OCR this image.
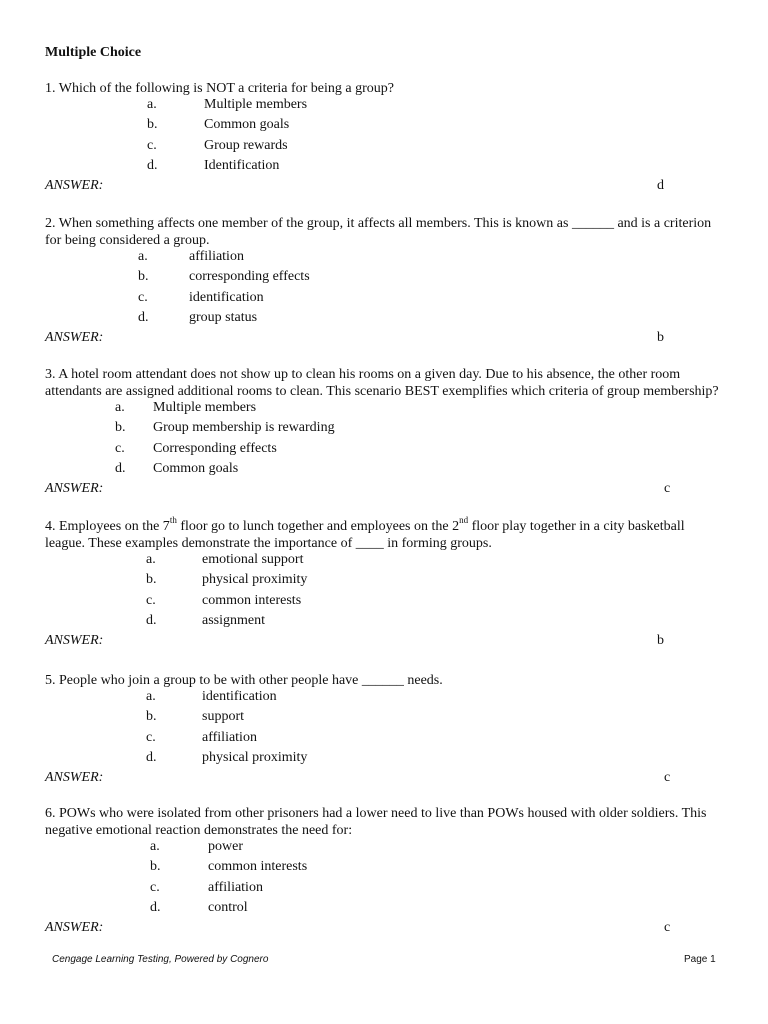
Multiple Choice
1. Which of the following is NOT a criteria for being a group?
a.	Multiple members
b.	Common goals
c.	Group rewards
d.	Identification
ANSWER:	d
2. When something affects one member of the group, it affects all members. This is known as ______ and is a criterion for being considered a group.
a.	affiliation
b.	corresponding effects
c.	identification
d.	group status
ANSWER:	b
3. A hotel room attendant does not show up to clean his rooms on a given day. Due to his absence, the other room attendants are assigned additional rooms to clean. This scenario BEST exemplifies which criteria of group membership?
a. Multiple members
b. Group membership is rewarding
c. Corresponding effects
d. Common goals
ANSWER:	c
4. Employees on the 7th floor go to lunch together and employees on the 2nd floor play together in a city basketball league. These examples demonstrate the importance of ____ in forming groups.
a.	emotional support
b.	physical proximity
c.	common interests
d.	assignment
ANSWER:	b
5. People who join a group to be with other people have ______ needs.
a.	identification
b.	support
c.	affiliation
d.	physical proximity
ANSWER:	c
6. POWs who were isolated from other prisoners had a lower need to live than POWs housed with older soldiers. This negative emotional reaction demonstrates the need for:
a.	power
b.	common interests
c.	affiliation
d.	control
ANSWER:	c
Cengage Learning Testing, Powered by Cognero	Page 1
